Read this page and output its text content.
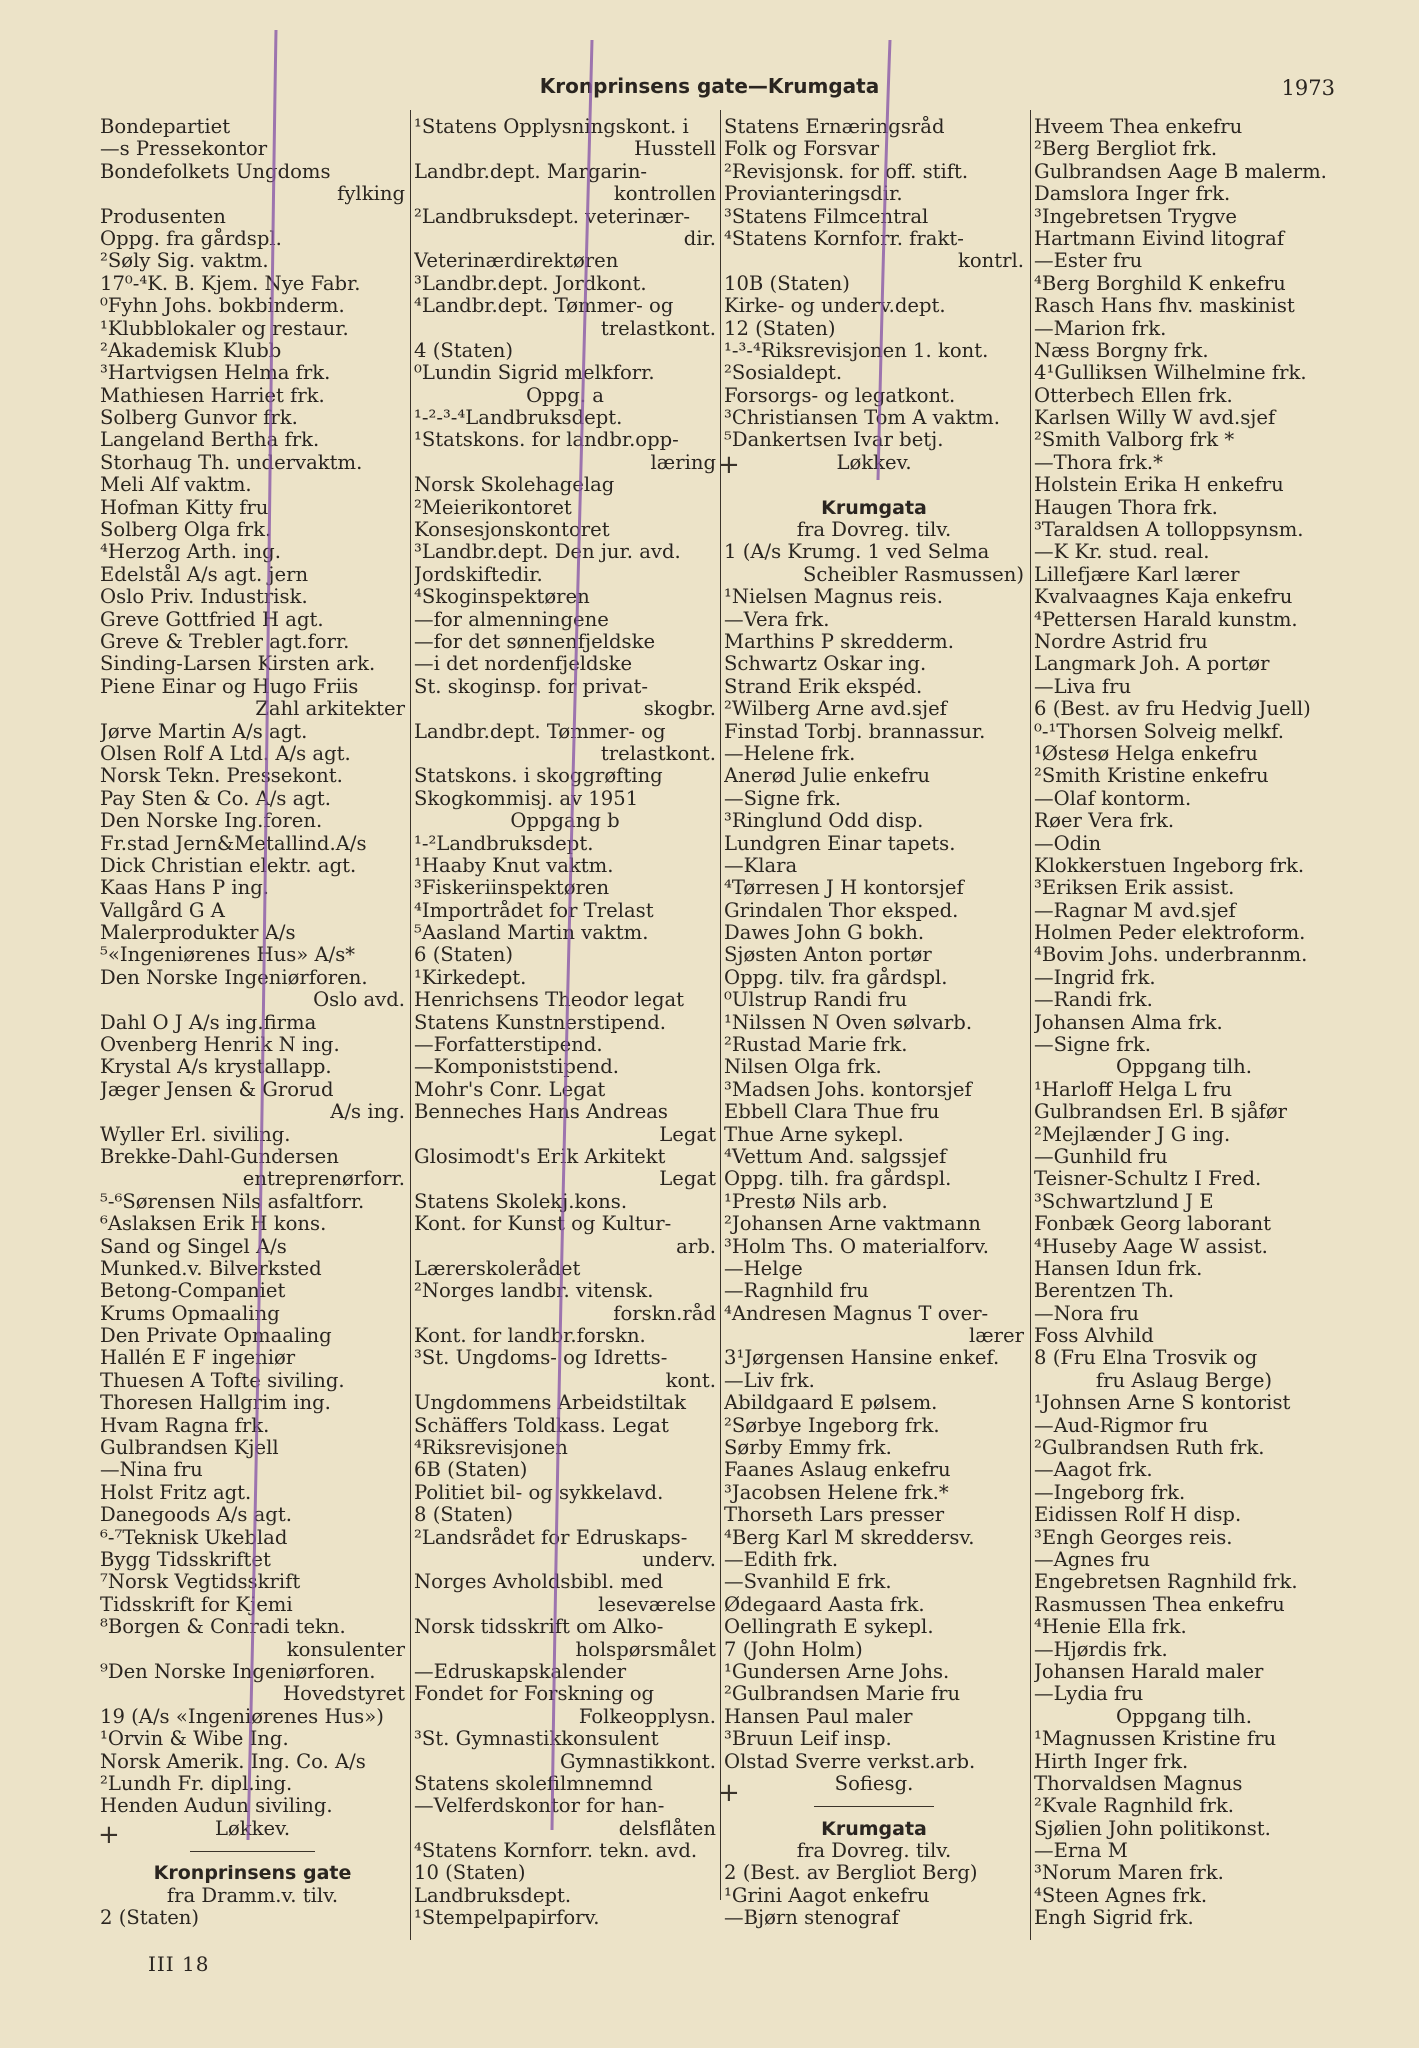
Kronprinsens gate—Krumgata	1973
Bondepartiet
—s Pressekontor
Bondefolkets Ungdoms
fylking
Produsenten
Oppg. fra gårdspl.
²Søly Sig. vaktm.
17⁰-⁴K. B. Kjem. Nye Fabr.
⁰Fyhn Johs. bokbinderm.
¹Klubblokaler og restaur.
²Akademisk Klubb
³Hartvigsen Helma frk.
Mathiesen Harriet frk.
Solberg Gunvor frk.
Langeland Bertha frk.
Storhaug Th. undervaktm.
Meli Alf vaktm.
Hofman Kitty fru
Solberg Olga frk.
⁴Herzog Arth. ing.
Edelstål A/s agt. jern
Oslo Priv. Industrisk.
Greve Gottfried H agt.
Greve & Trebler agt.forr.
Sinding-Larsen Kirsten ark.
Piene Einar og Hugo Friis
Zahl arkitekter
Jørve Martin A/s agt.
Olsen Rolf A Ltd. A/s agt.
Norsk Tekn. Pressekont.
Pay Sten & Co. A/s agt.
Den Norske Ing.foren.
Fr.stad Jern&Metallind.A/s
Dick Christian elektr. agt.
Kaas Hans P ing.
Vallgård G A
Malerprodukter A/s
⁵«Ingeniørenes Hus» A/s*
Den Norske Ingeniørforen.
Oslo avd.
Dahl O J A/s ing.firma
Ovenberg Henrik N ing.
Krystal A/s krystallapp.
Jæger Jensen & Grorud
A/s ing.
Wyller Erl. siviling.
Brekke-Dahl-Gundersen
entreprenørforr.
⁵-⁶Sørensen Nils asfaltforr.
⁶Aslaksen Erik H kons.
Sand og Singel A/s
Munked.v. Bilverksted
Betong-Companiet
Krums Opmaaling
Den Private Opmaaling
Hallén E F ingeniør
Thuesen A Tofte siviling.
Thoresen Hallgrim ing.
Hvam Ragna frk.
Gulbrandsen Kjell
—Nina fru
Holst Fritz agt.
Danegoods A/s agt.
⁶-⁷Teknisk Ukeblad
Bygg Tidsskriftet
⁷Norsk Vegtidsskrift
Tidsskrift for Kjemi
⁸Borgen & Conradi tekn.
konsulenter
⁹Den Norske Ingeniørforen.
Hovedstyret
19 (A/s «Ingeniørenes Hus»)
¹Orvin & Wibe Ing.
Norsk Amerik. Ing. Co. A/s
²Lundh Fr. dipl.ing.
Henden Audun siviling.
Løkkev.
Kronprinsens gate
fra Dramm.v. tilv.
2 (Staten)
¹Statens Opplysningskont. i
Husstell
Landbr.dept. Margarin-
kontrollen
²Landbruksdept. veterinær-
dir.
Veterinærdirektøren
³Landbr.dept. Jordkont.
⁴Landbr.dept. Tømmer- og
trelastkont.
4 (Staten)
⁰Lundin Sigrid melkforr.
Oppg. a
¹-²-³-⁴Landbruksdept.
¹Statskons. for landbr.opp-
læring
Norsk Skolehagelag
²Meierikontoret
Konsesjonskontoret
³Landbr.dept. Den jur. avd.
Jordskiftedir.
⁴Skoginspektøren
—for almenningene
—for det sønnenfjeldske
—i det nordenfjeldske
St. skoginsp. for privat-
skogbr.
Landbr.dept. Tømmer- og
trelastkont.
Statskons. i skoggrøfting
Skogkommisj. av 1951
Oppgang b
¹-²Landbruksdept.
¹Haaby Knut vaktm.
³Fiskeriinspektøren
⁴Importrådet for Trelast
⁵Aasland Martin vaktm.
6 (Staten)
¹Kirkedept.
Henrichsens Theodor legat
Statens Kunstnerstipend.
—Forfatterstipend.
—Komponiststipend.
Mohr's Conr. Legat
Benneches Hans Andreas
Legat
Glosimodt's Erik Arkitekt
Legat
Statens Skolekj.kons.
Kont. for Kunst og Kultur-
arb.
Lærerskolerådet
²Norges landbr. vitensk.
forskn.råd
Kont. for landbr.forskn.
³St. Ungdoms- og Idretts-
kont.
Ungdommens Arbeidstiltak
Schäffers Toldkass. Legat
⁴Riksrevisjonen
6B (Staten)
Politiet bil- og sykkelavd.
8 (Staten)
²Landsrådet for Edruskaps-
underv.
Norges Avholdsbibl. med
leseværelse
Norsk tidsskrift om Alko-
holspørsmålet
—Edruskapskalender
Fondet for Forskning og
Folkeopplysn.
³St. Gymnastikkonsulent
Gymnastikkont.
Statens skolefilmnemnd
—Velferdskontor for han-
delsflåten
⁴Statens Kornforr. tekn. avd.
10 (Staten)
Landbruksdept.
¹Stempelpapirforv.
Statens Ernæringsråd
Folk og Forsvar
²Revisjonsk. for off. stift.
Provianteringsdir.
³Statens Filmcentral
⁴Statens Kornforr. frakt-
kontrl.
10B (Staten)
Kirke- og underv.dept.
12 (Staten)
¹-³-⁴Riksrevisjonen 1. kont.
²Sosialdept.
Forsorgs- og legatkont.
³Christiansen Tom A vaktm.
⁵Dankertsen Ivar betj.
Løkkev.
Krumgata
fra Dovreg. tilv.
1 (A/s Krumg. 1 ved Selma
Scheibler Rasmussen)
¹Nielsen Magnus reis.
—Vera frk.
Marthins P skredderm.
Schwartz Oskar ing.
Strand Erik ekspéd.
²Wilberg Arne avd.sjef
Finstad Torbj. brannassur.
—Helene frk.
Anerød Julie enkefru
—Signe frk.
³Ringlund Odd disp.
Lundgren Einar tapets.
—Klara
⁴Tørresen J H kontorsjef
Grindalen Thor eksped.
Dawes John G bokh.
Sjøsten Anton portør
Oppg. tilv. fra gårdspl.
⁰Ulstrup Randi fru
¹Nilssen N Oven sølvarb.
²Rustad Marie frk.
Nilsen Olga frk.
³Madsen Johs. kontorsjef
Ebbell Clara Thue fru
Thue Arne sykepl.
⁴Vettum And. salgssjef
Oppg. tilh. fra gårdspl.
¹Prestø Nils arb.
²Johansen Arne vaktmann
³Holm Ths. O materialforv.
—Helge
—Ragnhild fru
⁴Andresen Magnus T over-
lærer
3¹Jørgensen Hansine enkef.
—Liv frk.
Abildgaard E pølsem.
²Sørbye Ingeborg frk.
Sørby Emmy frk.
Faanes Aslaug enkefru
³Jacobsen Helene frk.*
Thorseth Lars presser
⁴Berg Karl M skreddersv.
—Edith frk.
—Svanhild E frk.
Ødegaard Aasta frk.
Oellingrath E sykepl.
7 (John Holm)
¹Gundersen Arne Johs.
²Gulbrandsen Marie fru
Hansen Paul maler
³Bruun Leif insp.
Olstad Sverre verkst.arb.
Sofiesg.
Krumgata
fra Dovreg. tilv.
2 (Best. av Bergliot Berg)
¹Grini Aagot enkefru
—Bjørn stenograf
Hveem Thea enkefru
²Berg Bergliot frk.
Gulbrandsen Aage B malerm.
Damslora Inger frk.
³Ingebretsen Trygve
Hartmann Eivind litograf
—Ester fru
⁴Berg Borghild K enkefru
Rasch Hans fhv. maskinist
—Marion frk.
Næss Borgny frk.
4¹Gulliksen Wilhelmine frk.
Otterbech Ellen frk.
Karlsen Willy W avd.sjef
²Smith Valborg frk *
—Thora frk.*
Holstein Erika H enkefru
Haugen Thora frk.
³Taraldsen A tolloppsynsm.
—K Kr. stud. real.
Lillefjære Karl lærer
Kvalvaagnes Kaja enkefru
⁴Pettersen Harald kunstm.
Nordre Astrid fru
Langmark Joh. A portør
—Liva fru
6 (Best. av fru Hedvig Juell)
⁰-¹Thorsen Solveig melkf.
¹Østesø Helga enkefru
²Smith Kristine enkefru
—Olaf kontorm.
Røer Vera frk.
—Odin
Klokkerstuen Ingeborg frk.
³Eriksen Erik assist.
—Ragnar M avd.sjef
Holmen Peder elektroform.
⁴Bovim Johs. underbrannm.
—Ingrid frk.
—Randi frk.
Johansen Alma frk.
—Signe frk.
Oppgang tilh.
¹Harloff Helga L fru
Gulbrandsen Erl. B sjåfør
²Mejlænder J G ing.
—Gunhild fru
Teisner-Schultz I Fred.
³Schwartzlund J E
Fonbæk Georg laborant
⁴Huseby Aage W assist.
Hansen Idun frk.
Berentzen Th.
—Nora fru
Foss Alvhild
8 (Fru Elna Trosvik og
fru Aslaug Berge)
¹Johnsen Arne S kontorist
—Aud-Rigmor fru
²Gulbrandsen Ruth frk.
—Aagot frk.
—Ingeborg frk.
Eidissen Rolf H disp.
³Engh Georges reis.
—Agnes fru
Engebretsen Ragnhild frk.
Rasmussen Thea enkefru
⁴Henie Ella frk.
—Hjørdis frk.
Johansen Harald maler
—Lydia fru
Oppgang tilh.
¹Magnussen Kristine fru
Hirth Inger frk.
Thorvaldsen Magnus
²Kvale Ragnhild frk.
Sjølien John politikonst.
—Erna M
³Norum Maren frk.
⁴Steen Agnes frk.
Engh Sigrid frk.
+
+
+
III 18
